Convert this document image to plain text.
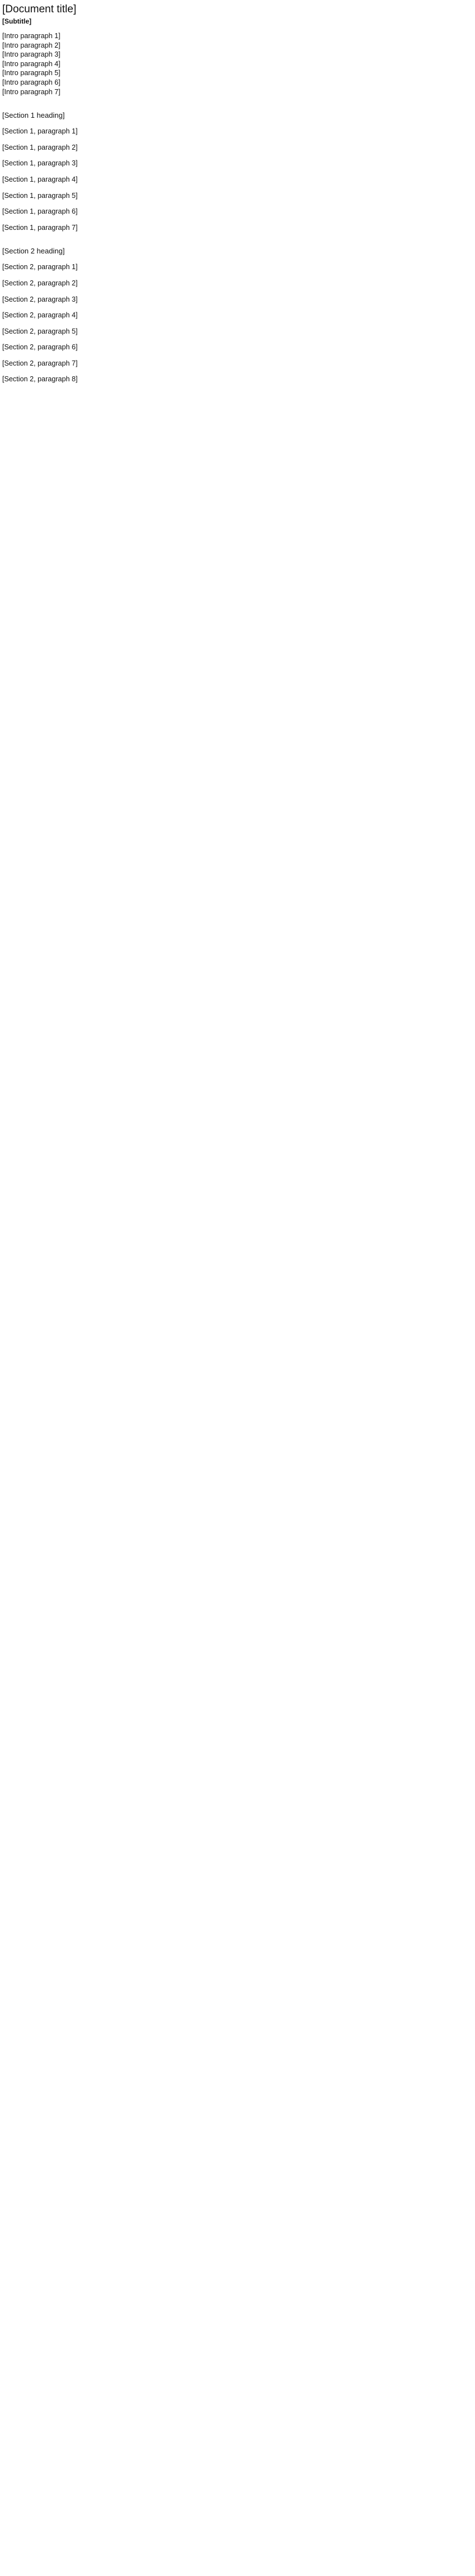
[Document title]
[Subtitle]

[Intro paragraph 1]

[Intro paragraph 2]

[Intro paragraph 3]

[Intro paragraph 4]

[Intro paragraph 5]

[Intro paragraph 6]

[Intro paragraph 7]

[Section 1 heading]

[Section 1, paragraph 1]

[Section 1, paragraph 2]

[Section 1, paragraph 3]

[Section 1, paragraph 4]

[Section 1, paragraph 5]

[Section 1, paragraph 6]

[Section 1, paragraph 7]

[Section 2 heading]

[Section 2, paragraph 1]

[Section 2, paragraph 2]

[Section 2, paragraph 3]

[Section 2, paragraph 4]

[Section 2, paragraph 5]

[Section 2, paragraph 6]

[Section 2, paragraph 7]

[Section 2, paragraph 8]
